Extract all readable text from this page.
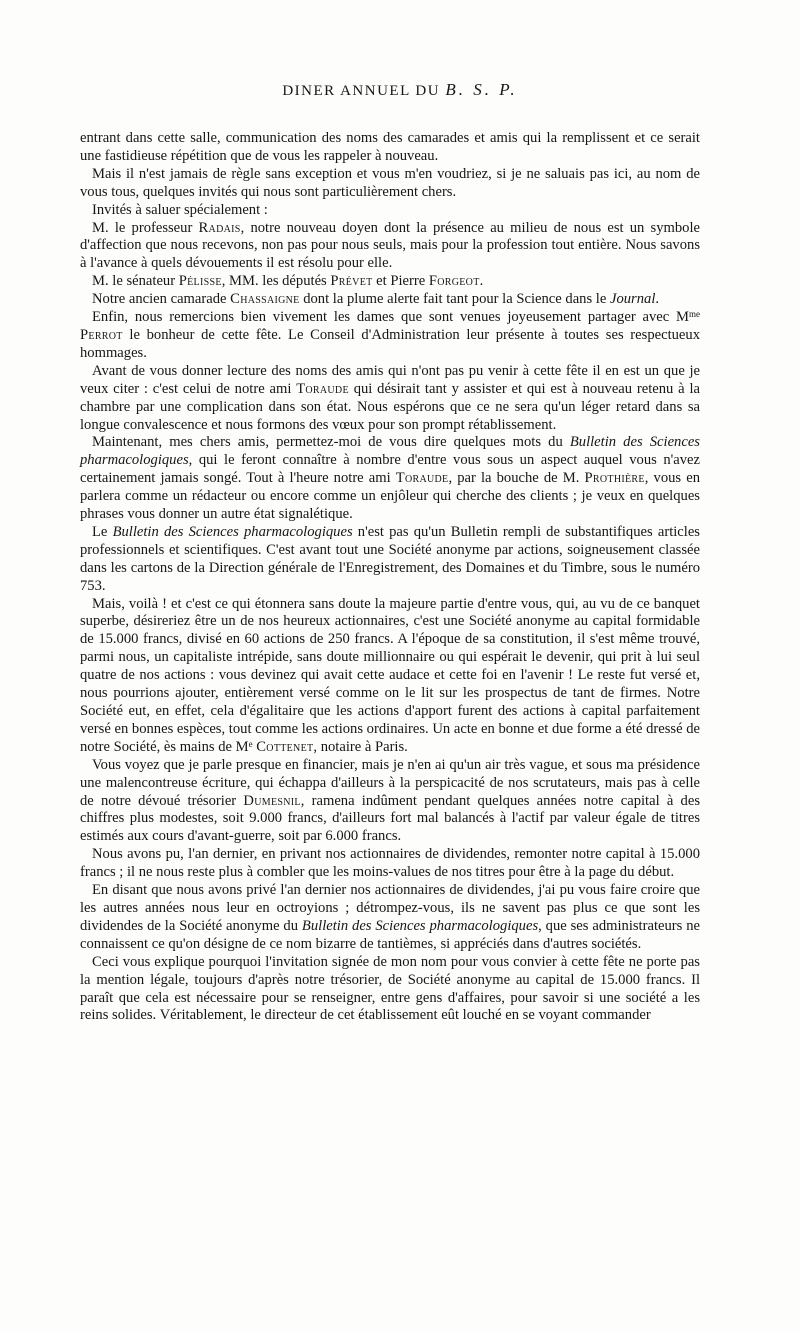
DINER ANNUEL DU B. S. P.

entrant dans cette salle, communication des noms des camarades et amis qui la remplissent et ce serait une fastidieuse répétition que de vous les rappeler à nouveau.

Mais il n'est jamais de règle sans exception et vous m'en voudriez, si je ne saluais pas ici, au nom de vous tous, quelques invités qui nous sont particulièrement chers.

Invités à saluer spécialement :

M. le professeur Radais, notre nouveau doyen dont la présence au milieu de nous est un symbole d'affection que nous recevons, non pas pour nous seuls, mais pour la profession tout entière. Nous savons à l'avance à quels dévouements il est résolu pour elle.

M. le sénateur Pélisse, MM. les députés Prévet et Pierre Forgeot.

Notre ancien camarade Chassaigne dont la plume alerte fait tant pour la Science dans le Journal.

Enfin, nous remercions bien vivement les dames que sont venues joyeusement partager avec $M^{me}$ Perrot le bonheur de cette fête. Le Conseil d'Administration leur présente à toutes ses respectueux hommages.

Avant de vous donner lecture des noms des amis qui n'ont pas pu venir à cette fête il en est un que je veux citer : c'est celui de notre ami Toraude qui désirait tant y assister et qui est à nouveau retenu à la chambre par une complication dans son état. Nous espérons que ce ne sera qu'un léger retard dans sa longue convalescence et nous formons des vœux pour son prompt rétablissement.

Maintenant, mes chers amis, permettez-moi de vous dire quelques mots du Bulletin des Sciences pharmacologiques, qui le feront connaître à nombre d'entre vous sous un aspect auquel vous n'avez certainement jamais songé. Tout à l'heure notre ami Toraude, par la bouche de M. Prothière, vous en parlera comme un rédacteur ou encore comme un enjôleur qui cherche des clients ; je veux en quelques phrases vous donner un autre état signalétique.

Le Bulletin des Sciences pharmacologiques n'est pas qu'un Bulletin rempli de substantifiques articles professionnels et scientifiques. C'est avant tout une Société anonyme par actions, soigneusement classée dans les cartons de la Direction générale de l'Enregistrement, des Domaines et du Timbre, sous le numéro 753.

Mais, voilà ! et c'est ce qui étonnera sans doute la majeure partie d'entre vous, qui, au vu de ce banquet superbe, désireriez être un de nos heureux actionnaires, c'est une Société anonyme au capital formidable de 15.000 francs, divisé en 60 actions de 250 francs. A l'époque de sa constitution, il s'est même trouvé, parmi nous, un capitaliste intrépide, sans doute millionnaire ou qui espérait le devenir, qui prit à lui seul quatre de nos actions : vous devinez qui avait cette audace et cette foi en l'avenir ! Le reste fut versé et, nous pourrions ajouter, entièrement versé comme on le lit sur les prospectus de tant de firmes. Notre Société eut, en effet, cela d'égalitaire que les actions d'apport furent des actions à capital parfaitement versé en bonnes espèces, tout comme les actions ordinaires. Un acte en bonne et due forme a été dressé de notre Société, ès mains de Me Cottenet, notaire à Paris.

Vous voyez que je parle presque en financier, mais je n'en ai qu'un air très vague, et sous ma présidence une malencontreuse écriture, qui échappa d'ailleurs à la perspicacité de nos scrutateurs, mais pas à celle de notre dévoué trésorier Dumesnil, ramena indûment pendant quelques années notre capital à des chiffres plus modestes, soit 9.000 francs, d'ailleurs fort mal balancés à l'actif par valeur égale de titres estimés aux cours d'avant-guerre, soit par 6.000 francs.

Nous avons pu, l'an dernier, en privant nos actionnaires de dividendes, remonter notre capital à 15.000 francs ; il ne nous reste plus à combler que les moins-values de nos titres pour être à la page du début.

En disant que nous avons privé l'an dernier nos actionnaires de dividendes, j'ai pu vous faire croire que les autres années nous leur en octroyions ; détrompez-vous, ils ne savent pas plus ce que sont les dividendes de la Société anonyme du Bulletin des Sciences pharmacologiques, que ses administrateurs ne connaissent ce qu'on désigne de ce nom bizarre de tantièmes, si appréciés dans d'autres sociétés.

Ceci vous explique pourquoi l'invitation signée de mon nom pour vous convier à cette fête ne porte pas la mention légale, toujours d'après notre trésorier, de Société anonyme au capital de 15.000 francs. Il paraît que cela est nécessaire pour se renseigner, entre gens d'affaires, pour savoir si une société a les reins solides. Véritablement, le directeur de cet établissement eût louché en se voyant commander
